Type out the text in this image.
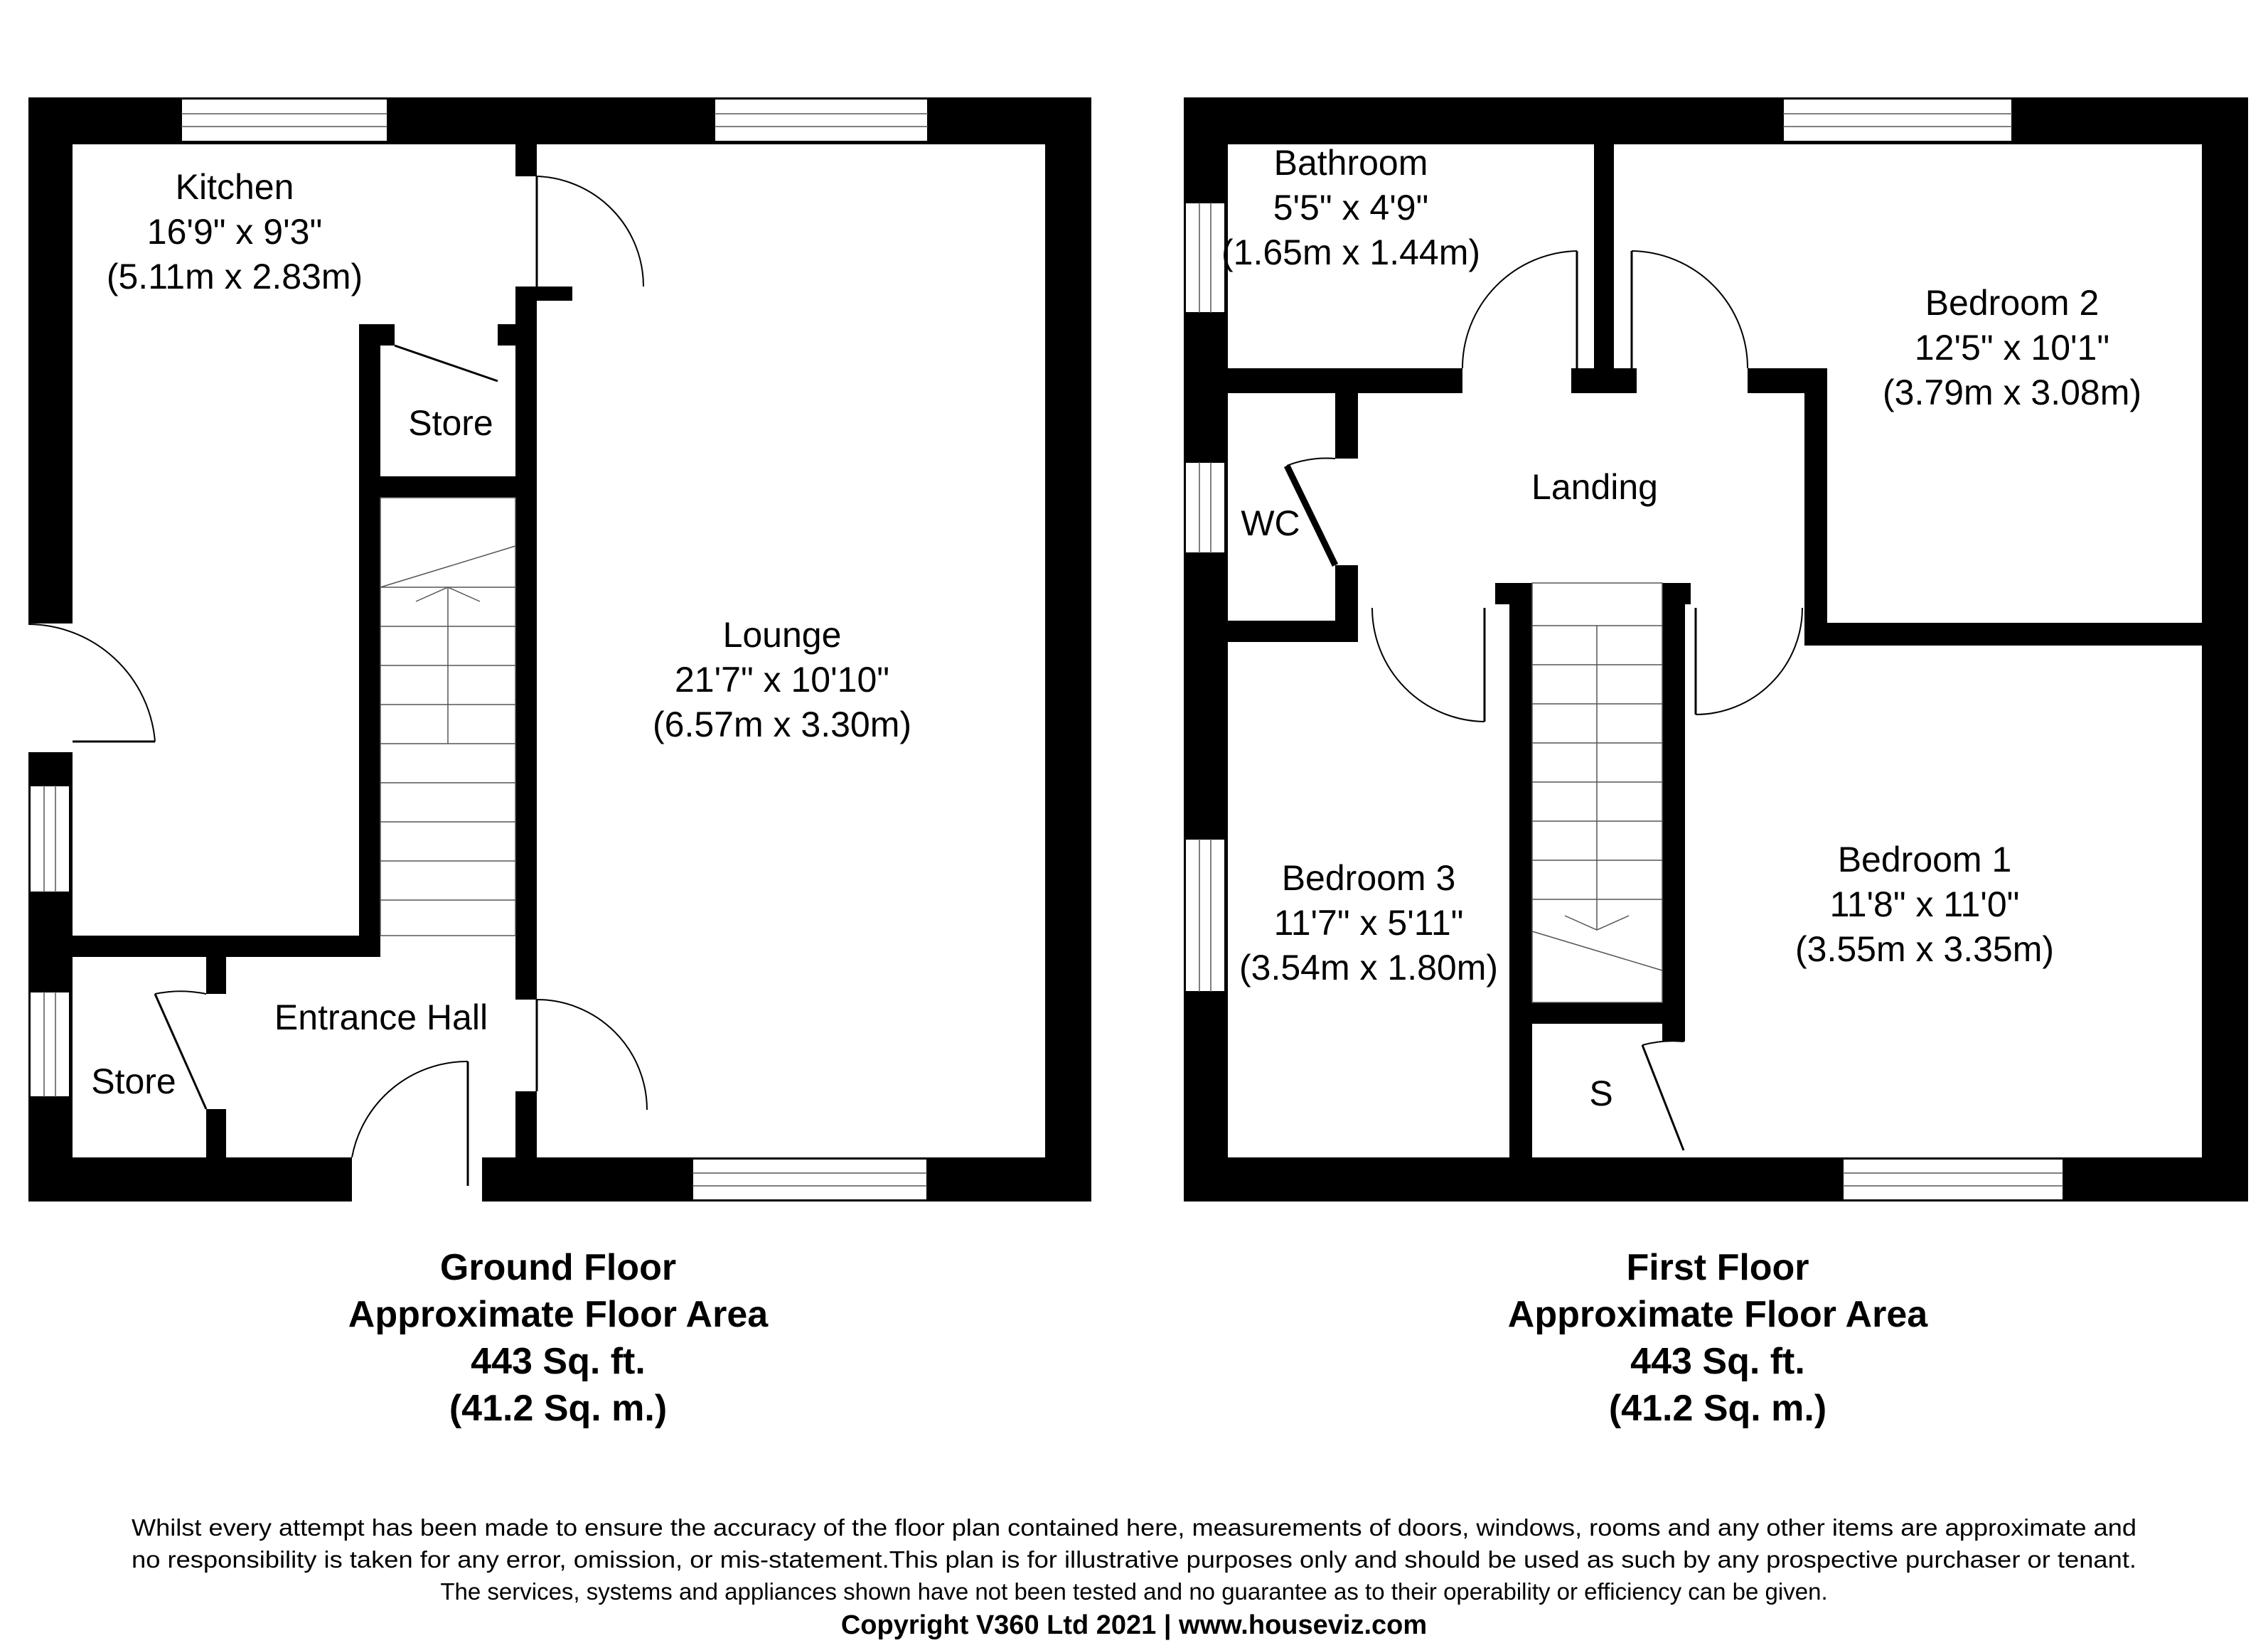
Kitchen
16'9" x 9'3"
(5.11m x 2.83m)
Store
Lounge
21'7" x 10'10"
(6.57m x 3.30m)
Entrance Hall
Store
Bathroom
5'5" x 4'9"
(1.65m x 1.44m)
Bedroom 2
12'5" x 10'1"
(3.79m x 3.08m)
Landing
WC
Bedroom 3
11'7" x 5'11"
(3.54m x 1.80m)
Bedroom 1
11'8" x 11'0"
(3.55m x 3.35m)
S
Ground Floor
Approximate Floor Area
443 Sq. ft.
(41.2 Sq. m.)
First Floor
Approximate Floor Area
443 Sq. ft.
(41.2 Sq. m.)
Whilst every attempt has been made to ensure the accuracy of the floor plan contained here, measurements of doors, windows, rooms and any other items are approximate and
no responsibility is taken for any error, omission, or mis-statement.This plan is for illustrative purposes only and should be used as such by any prospective purchaser or tenant.
The services, systems and appliances shown have not been tested and no guarantee as to their operability or efficiency can be given.
Copyright V360 Ltd 2021 | www.houseviz.com
